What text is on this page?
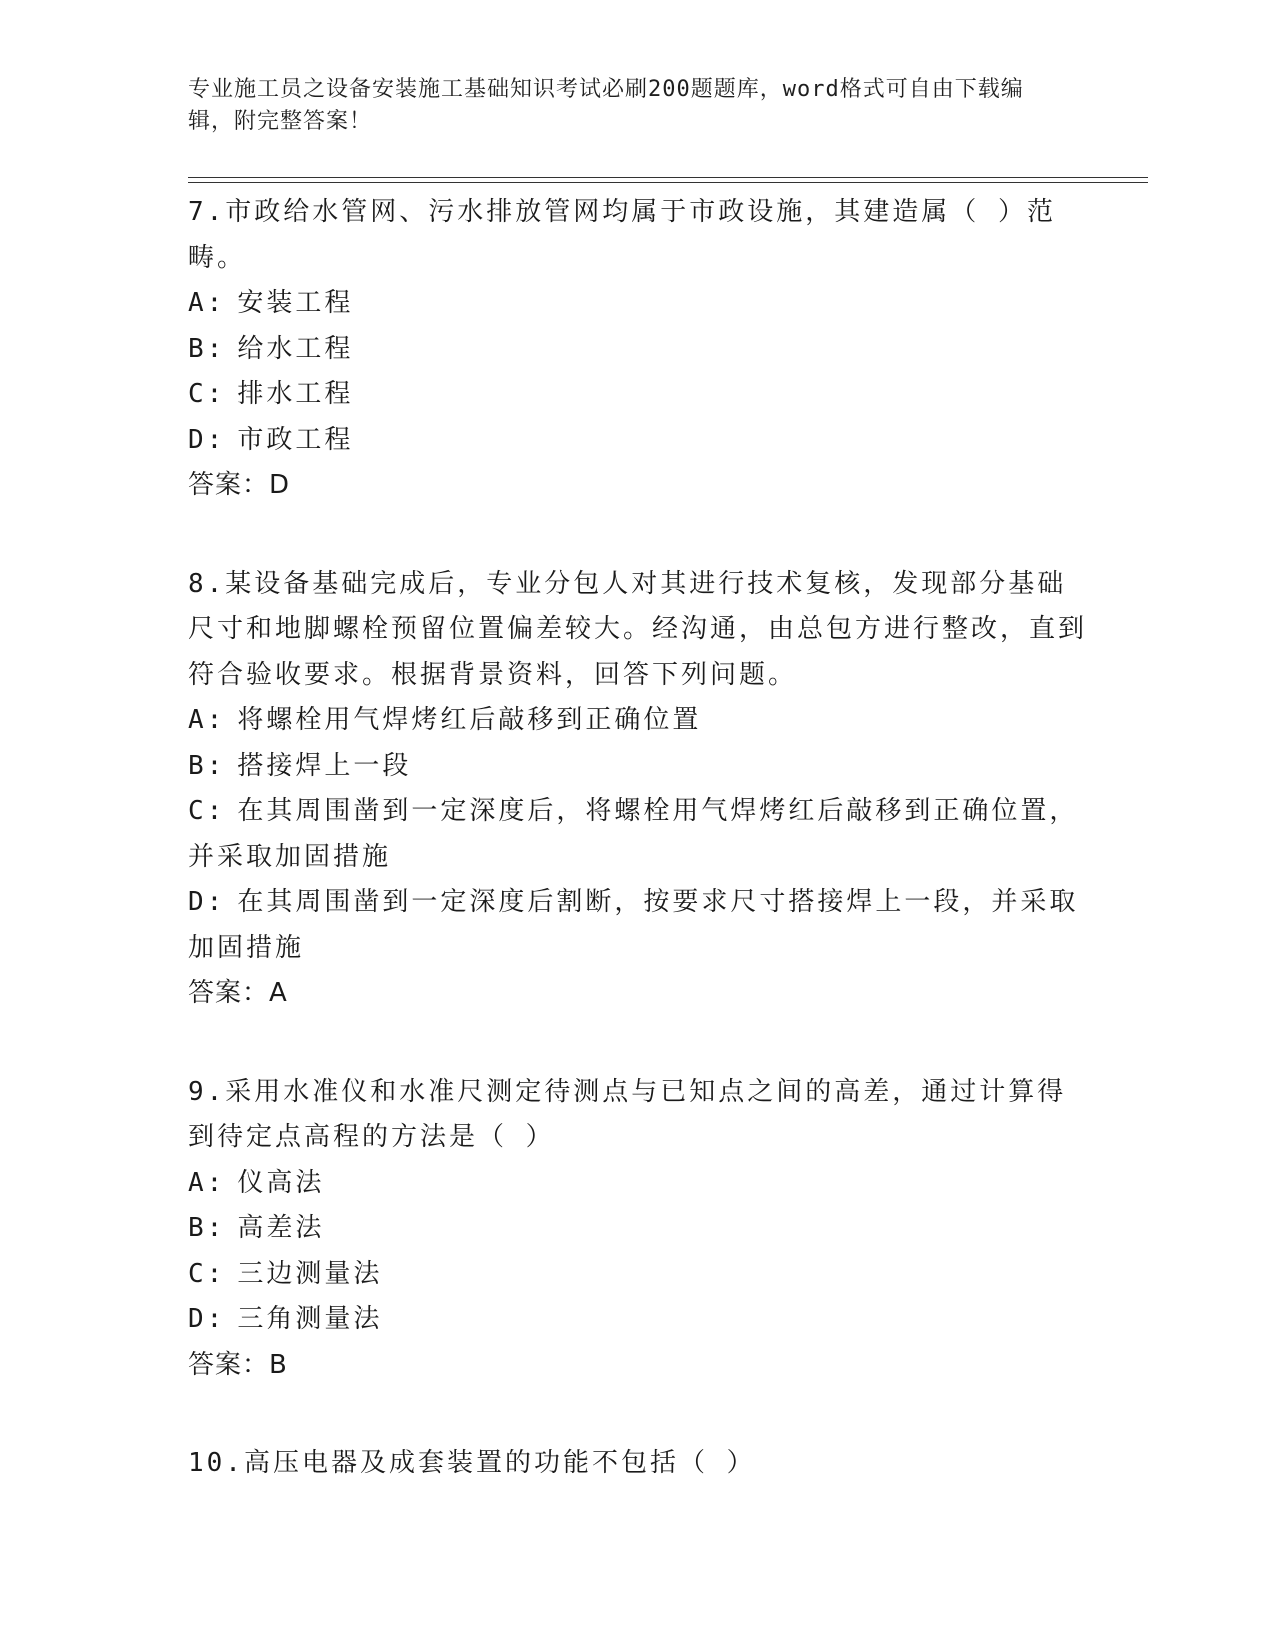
专业施工员之设备安装施工基础知识考试必刷200题题库，word格式可自由下载编辑，附完整答案！

7.市政给水管网、污水排放管网均属于市政设施，其建造属（ ）范畴。

A: 安装工程

B: 给水工程

C: 排水工程

D: 市政工程

答案：D

8.某设备基础完成后，专业分包人对其进行技术复核，发现部分基础尺寸和地脚螺栓预留位置偏差较大。经沟通，由总包方进行整改，直到符合验收要求。根据背景资料，回答下列问题。

A: 将螺栓用气焊烤红后敲移到正确位置

B: 搭接焊上一段

C: 在其周围凿到一定深度后，将螺栓用气焊烤红后敲移到正确位置，并采取加固措施

D: 在其周围凿到一定深度后割断，按要求尺寸搭接焊上一段，并采取加固措施

答案：A

9.采用水准仪和水准尺测定待测点与已知点之间的高差，通过计算得到待定点高程的方法是（ ）

A: 仪高法

B: 高差法

C: 三边测量法

D: 三角测量法

答案：B

10.高压电器及成套装置的功能不包括（ ）
